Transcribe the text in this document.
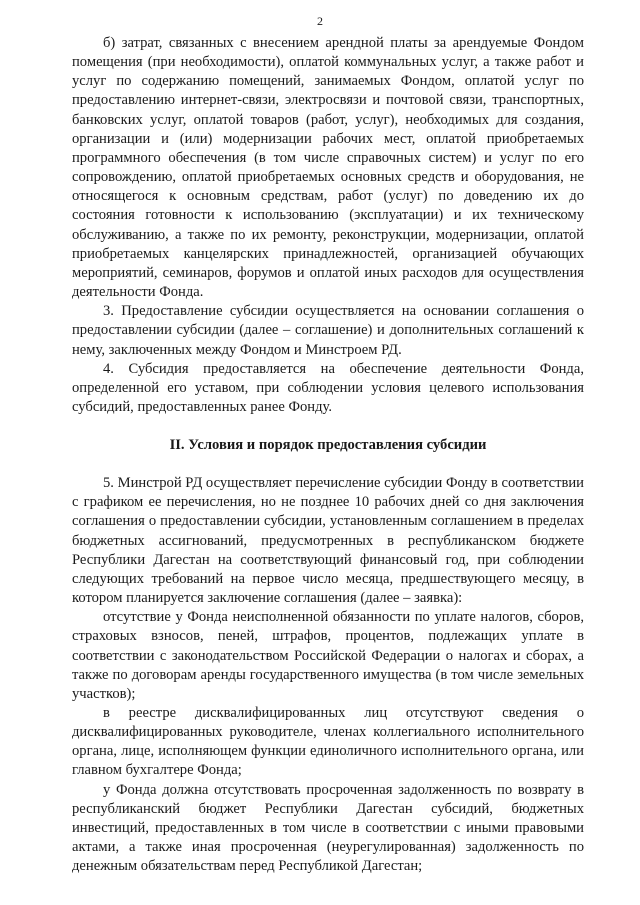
2

б) затрат, связанных с внесением арендной платы за арендуемые Фондом помещения (при необходимости), оплатой коммунальных услуг, а также работ и услуг по содержанию помещений, занимаемых Фондом, оплатой услуг по предоставлению интернет-связи, электросвязи и почтовой связи, транспортных, банковских услуг, оплатой товаров (работ, услуг), необходимых для создания, организации и (или) модернизации рабочих мест, оплатой приобретаемых программного обеспечения (в том числе справочных систем) и услуг по его сопровождению, оплатой приобретаемых основных средств и оборудования, не относящегося к основным средствам, работ (услуг) по доведению их до состояния готовности к использованию (эксплуатации) и их техническому обслуживанию, а также по их ремонту, реконструкции, модернизации, оплатой приобретаемых канцелярских принадлежностей, организацией обучающих мероприятий, семинаров, форумов и оплатой иных расходов для осуществления деятельности Фонда.

3. Предоставление субсидии осуществляется на основании соглашения о предоставлении субсидии (далее – соглашение) и дополнительных соглашений к нему, заключенных между Фондом и Минстроем РД.

4. Субсидия предоставляется на обеспечение деятельности Фонда, определенной его уставом, при соблюдении условия целевого использования субсидий, предоставленных ранее Фонду.

II. Условия и порядок предоставления субсидии

5. Минстрой РД осуществляет перечисление субсидии Фонду в соответствии с графиком ее перечисления, но не позднее 10 рабочих дней со дня заключения соглашения о предоставлении субсидии, установленным соглашением в пределах бюджетных ассигнований, предусмотренных в республиканском бюджете Республики Дагестан на соответствующий финансовый год, при соблюдении следующих требований на первое число месяца, предшествующего месяцу, в котором планируется заключение соглашения (далее – заявка):

отсутствие у Фонда неисполненной обязанности по уплате налогов, сборов, страховых взносов, пеней, штрафов, процентов, подлежащих уплате в соответствии с законодательством Российской Федерации о налогах и сборах, а также по договорам аренды государственного имущества (в том числе земельных участков);

в реестре дисквалифицированных лиц отсутствуют сведения о дисквалифицированных руководителе, членах коллегиального исполнительного органа, лице, исполняющем функции единоличного исполнительного органа, или главном бухгалтере Фонда;

у Фонда должна отсутствовать просроченная задолженность по возврату в республиканский бюджет Республики Дагестан субсидий, бюджетных инвестиций, предоставленных в том числе в соответствии с иными правовыми актами, а также иная просроченная (неурегулированная) задолженность по денежным обязательствам перед Республикой Дагестан;
